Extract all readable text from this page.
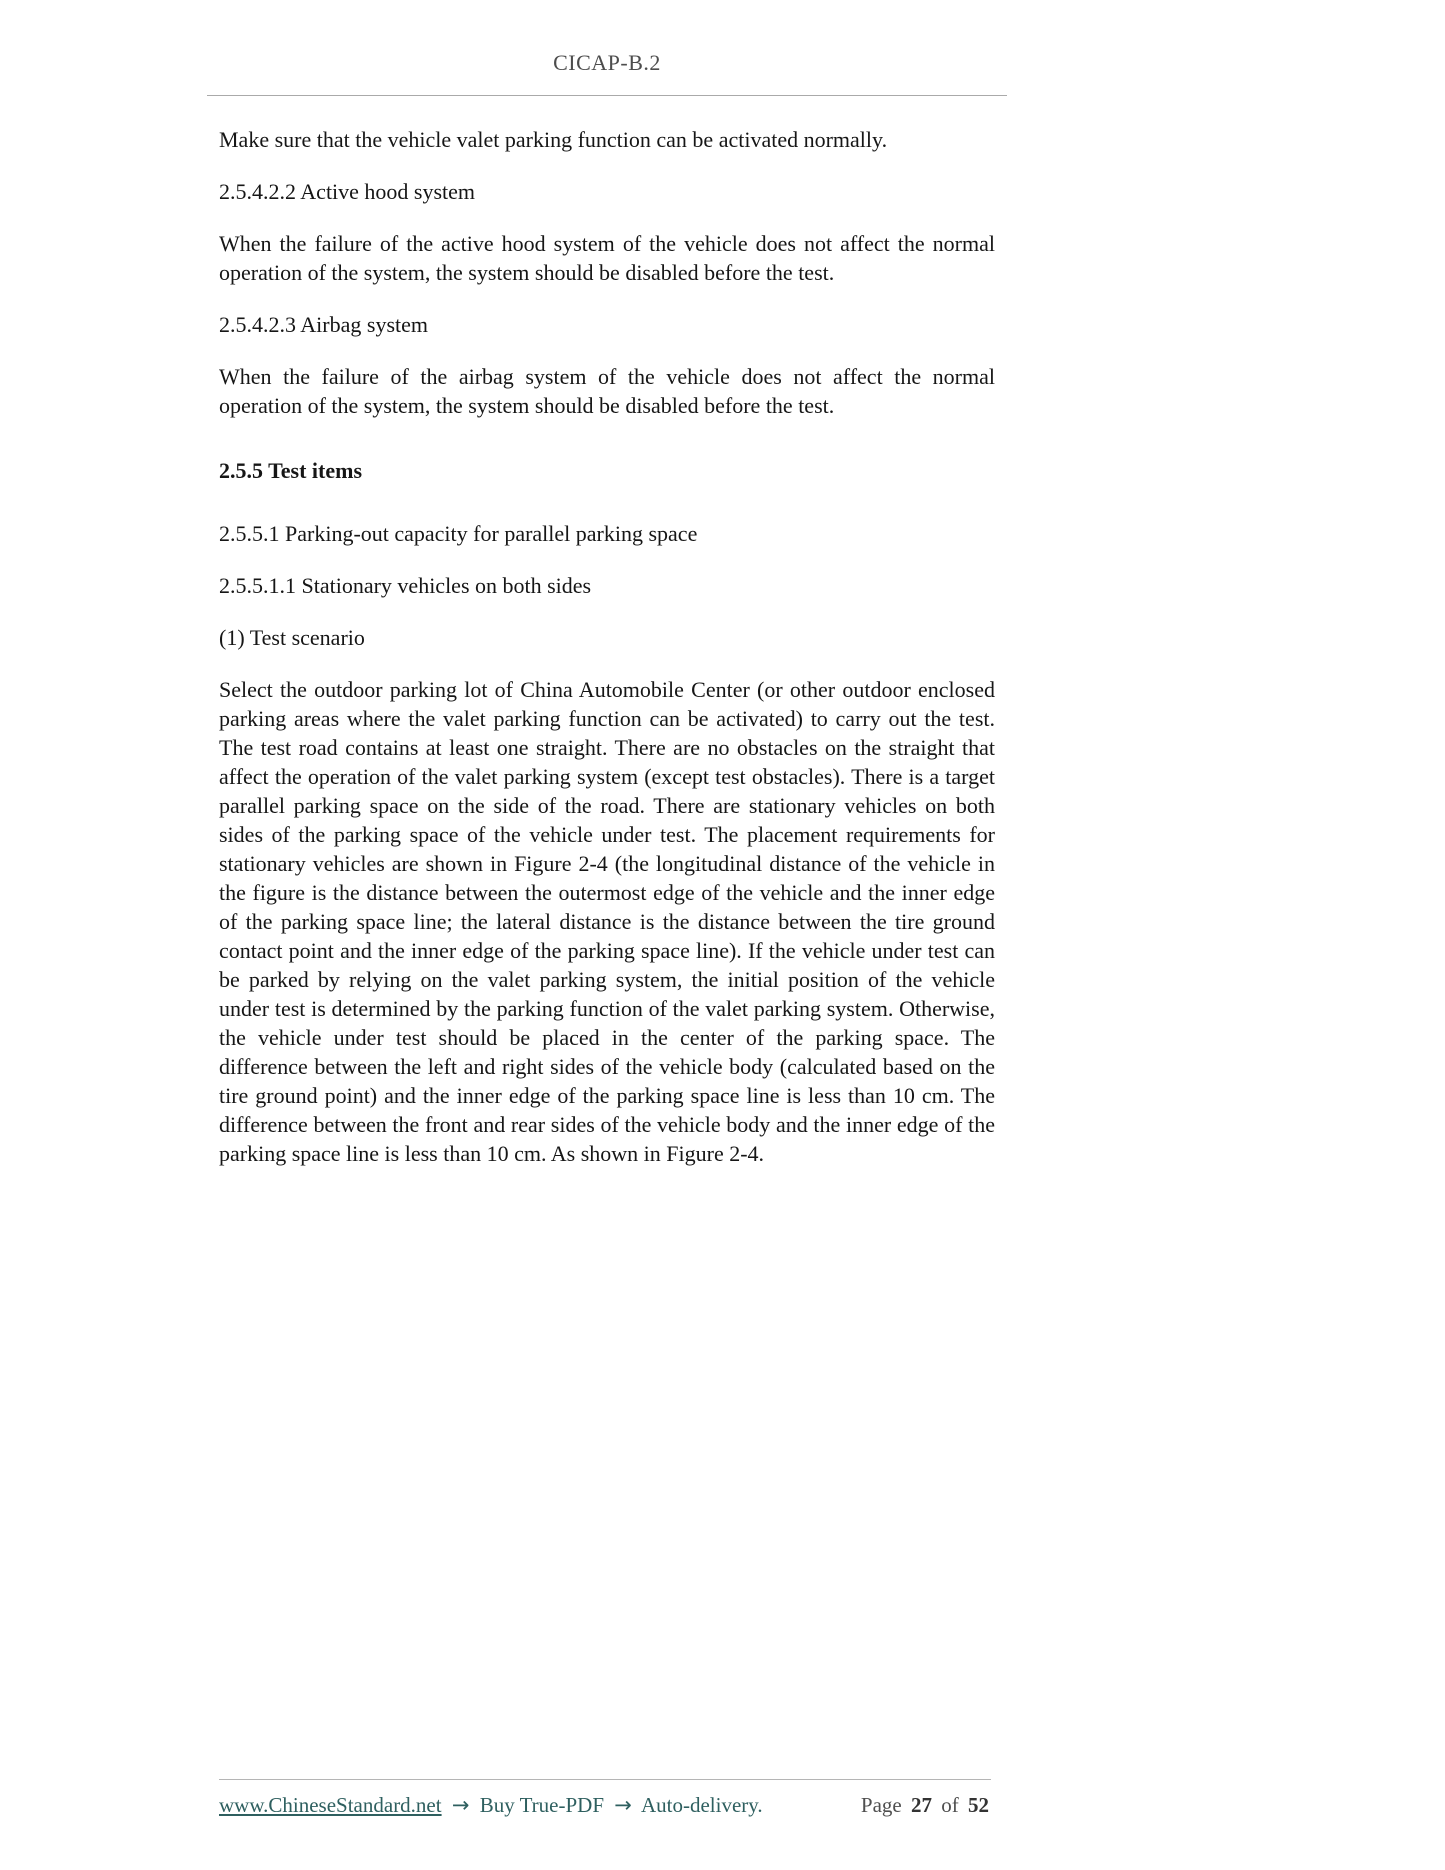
CICAP-B.2

Make sure that the vehicle valet parking function can be activated normally.

2.5.4.2.2 Active hood system

When the failure of the active hood system of the vehicle does not affect the normal operation of the system, the system should be disabled before the test.

2.5.4.2.3 Airbag system

When the failure of the airbag system of the vehicle does not affect the normal operation of the system, the system should be disabled before the test.

2.5.5 Test items

2.5.5.1 Parking-out capacity for parallel parking space

2.5.5.1.1 Stationary vehicles on both sides

(1) Test scenario

Select the outdoor parking lot of China Automobile Center (or other outdoor enclosed parking areas where the valet parking function can be activated) to carry out the test. The test road contains at least one straight. There are no obstacles on the straight that affect the operation of the valet parking system (except test obstacles). There is a target parallel parking space on the side of the road. There are stationary vehicles on both sides of the parking space of the vehicle under test. The placement requirements for stationary vehicles are shown in Figure 2-4 (the longitudinal distance of the vehicle in the figure is the distance between the outermost edge of the vehicle and the inner edge of the parking space line; the lateral distance is the distance between the tire ground contact point and the inner edge of the parking space line). If the vehicle under test can be parked by relying on the valet parking system, the initial position of the vehicle under test is determined by the parking function of the valet parking system. Otherwise, the vehicle under test should be placed in the center of the parking space. The difference between the left and right sides of the vehicle body (calculated based on the tire ground point) and the inner edge of the parking space line is less than 10 cm. The difference between the front and rear sides of the vehicle body and the inner edge of the parking space line is less than 10 cm. As shown in Figure 2-4.

www.ChineseStandard.net → Buy True-PDF → Auto-delivery.	Page 27 of 52
